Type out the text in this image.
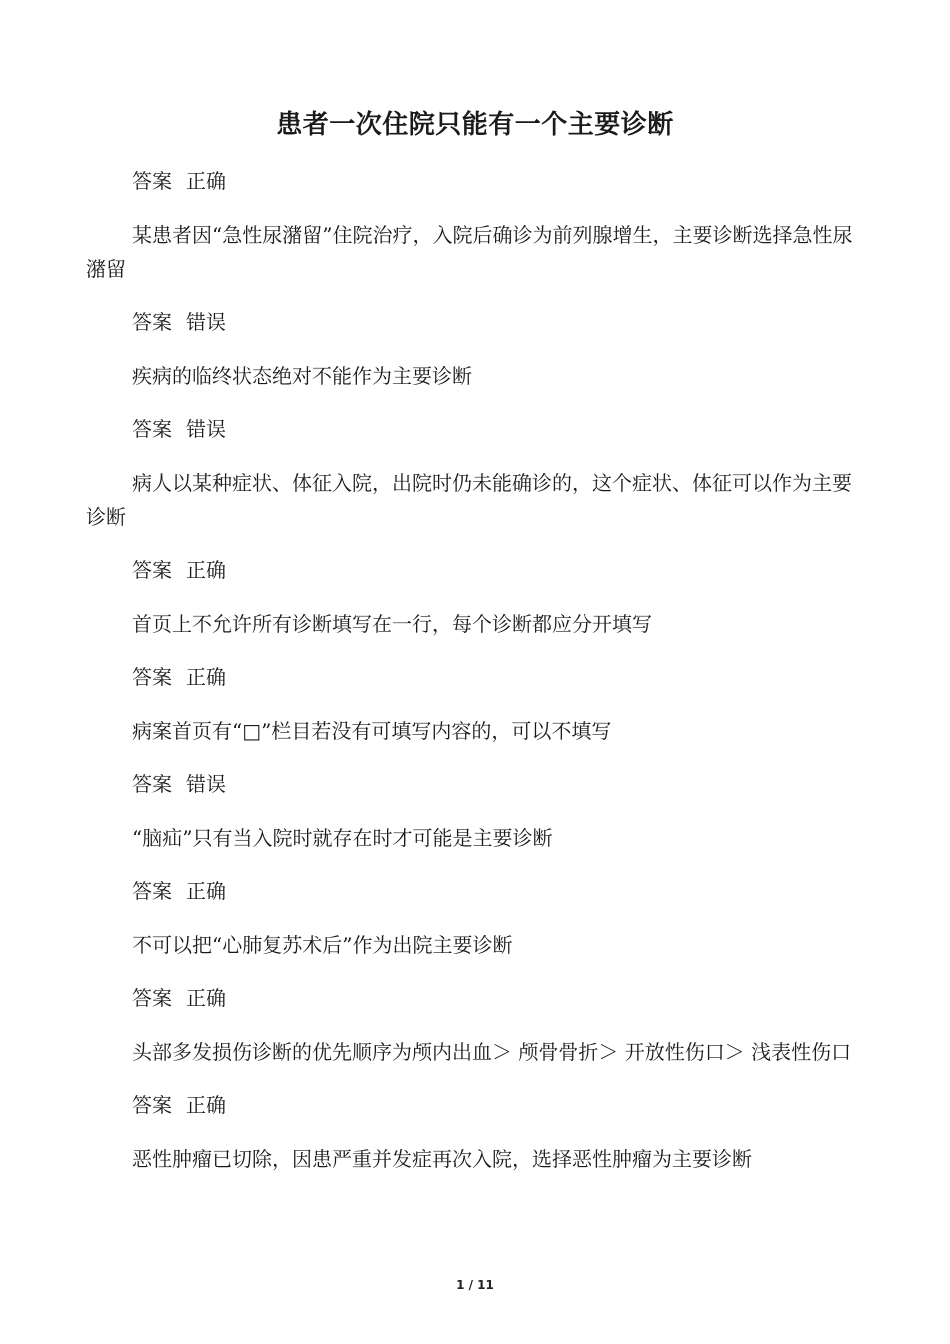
患者一次住院只能有一个主要诊断

答案 正确

某患者因“急性尿潴留”住院治疗，入院后确诊为前列腺增生，主要诊断选择急性尿潴留

答案 错误

疾病的临终状态绝对不能作为主要诊断

答案 错误

病人以某种症状、体征入院，出院时仍未能确诊的，这个症状、体征可以作为主要诊断

答案 正确

首页上不允许所有诊断填写在一行，每个诊断都应分开填写

答案 正确

病案首页有“□”栏目若没有可填写内容的，可以不填写

答案 错误

“脑疝”只有当入院时就存在时才可能是主要诊断

答案 正确

不可以把“心肺复苏术后”作为出院主要诊断

答案 正确

头部多发损伤诊断的优先顺序为颅内出血＞ 颅骨骨折＞ 开放性伤口＞ 浅表性伤口

答案 正确

恶性肿瘤已切除，因患严重并发症再次入院，选择恶性肿瘤为主要诊断

1 / 11
